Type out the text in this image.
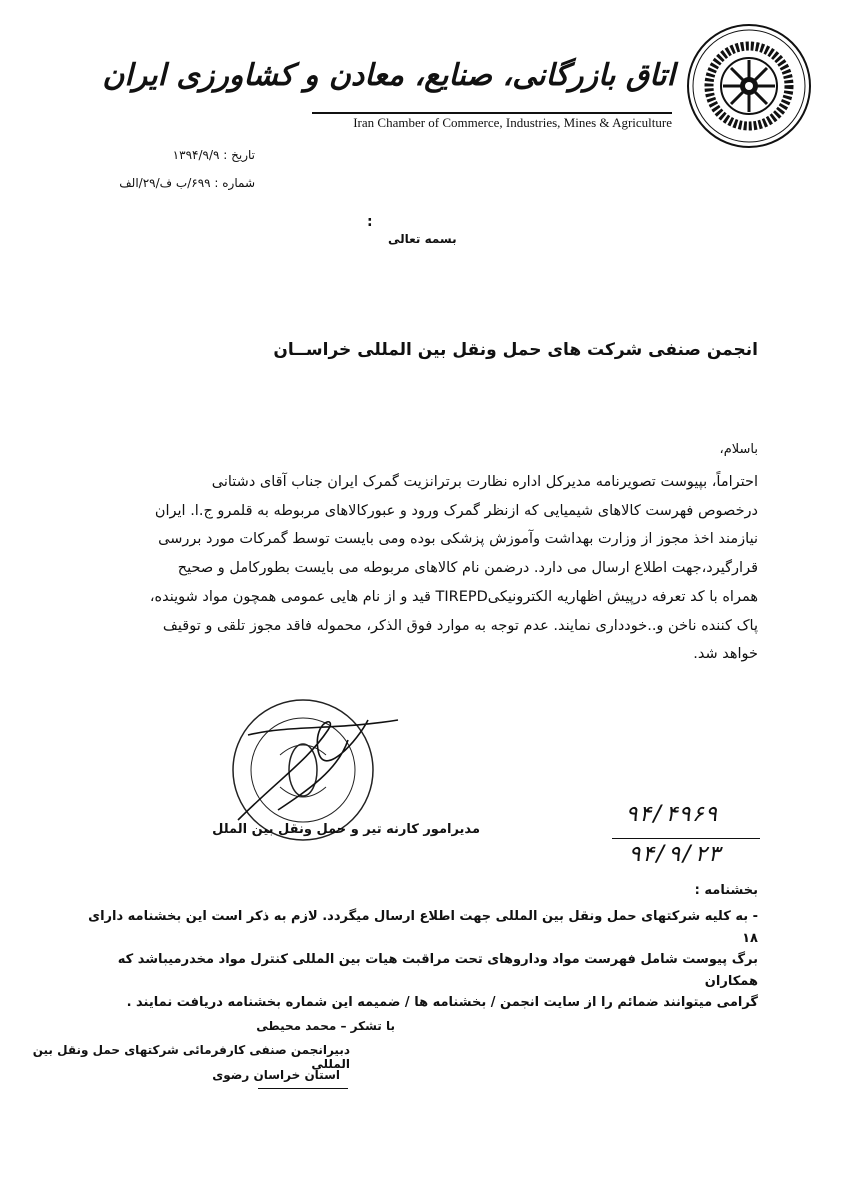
اتاق بازرگانی، صنایع، معادن و کشاورزی ایران
Iran Chamber of Commerce, Industries, Mines & Agriculture
تاریخ : ۱۳۹۴/۹/۹
شماره : ۶۹۹/ب ف/۲۹/الف
:
بسمه تعالی
انجمن صنفی شرکت های حمل ونقل بین المللی خراســان
باسلام،

احتراماً، بپیوست تصویرنامه مدیرکل اداره نظارت برترانزیت گمرک ایران جناب آقای دشتانی

درخصوص فهرست کالاهای شیمیایی که ازنظر گمرک ورود و عبورکالاهای مربوطه به قلمرو ج.ا. ایران

نیازمند اخذ مجوز از وزارت بهداشت وآموزش پزشکی بوده ومی بایست توسط گمرکات مورد بررسی

قرارگیرد،جهت اطلاع ارسال می دارد. درضمن نام کالاهای مربوطه می بایست بطورکامل و صحیح

همراه با کد تعرفه درپیش اظهاریه الکترونیکیTIREPD قید و از نام هایی عمومی همچون مواد شوینده،

پاک کننده ناخن و..خودداری نمایند. عدم توجه به موارد فوق الذکر، محموله فاقد مجوز تلقی و توقیف

خواهد شد.

مدیرامور کارنه تیر و حمل ونقل بین الملل
۹۴/۴۹۶۹
۹۴/۹/۲۳
بخشنامه :

- به کلیه شرکتهای حمل ونقل بین المللی جهت اطلاع ارسال میگردد. لازم به ذکر است این بخشنامه دارای ۱۸

برگ پیوست شامل فهرست مواد وداروهای تحت مراقبت هیات بین المللی کنترل مواد مخدرمیباشد که همکاران

گرامی میتوانند ضمائم را از سایت انجمن / بخشنامه ها / ضمیمه این شماره بخشنامه دریافت نمایند .

با تشکر – محمد محیطی
دبیرانجمن صنفی کارفرمائی شرکتهای حمل ونقل بین المللی
استان خراسان رضوی
